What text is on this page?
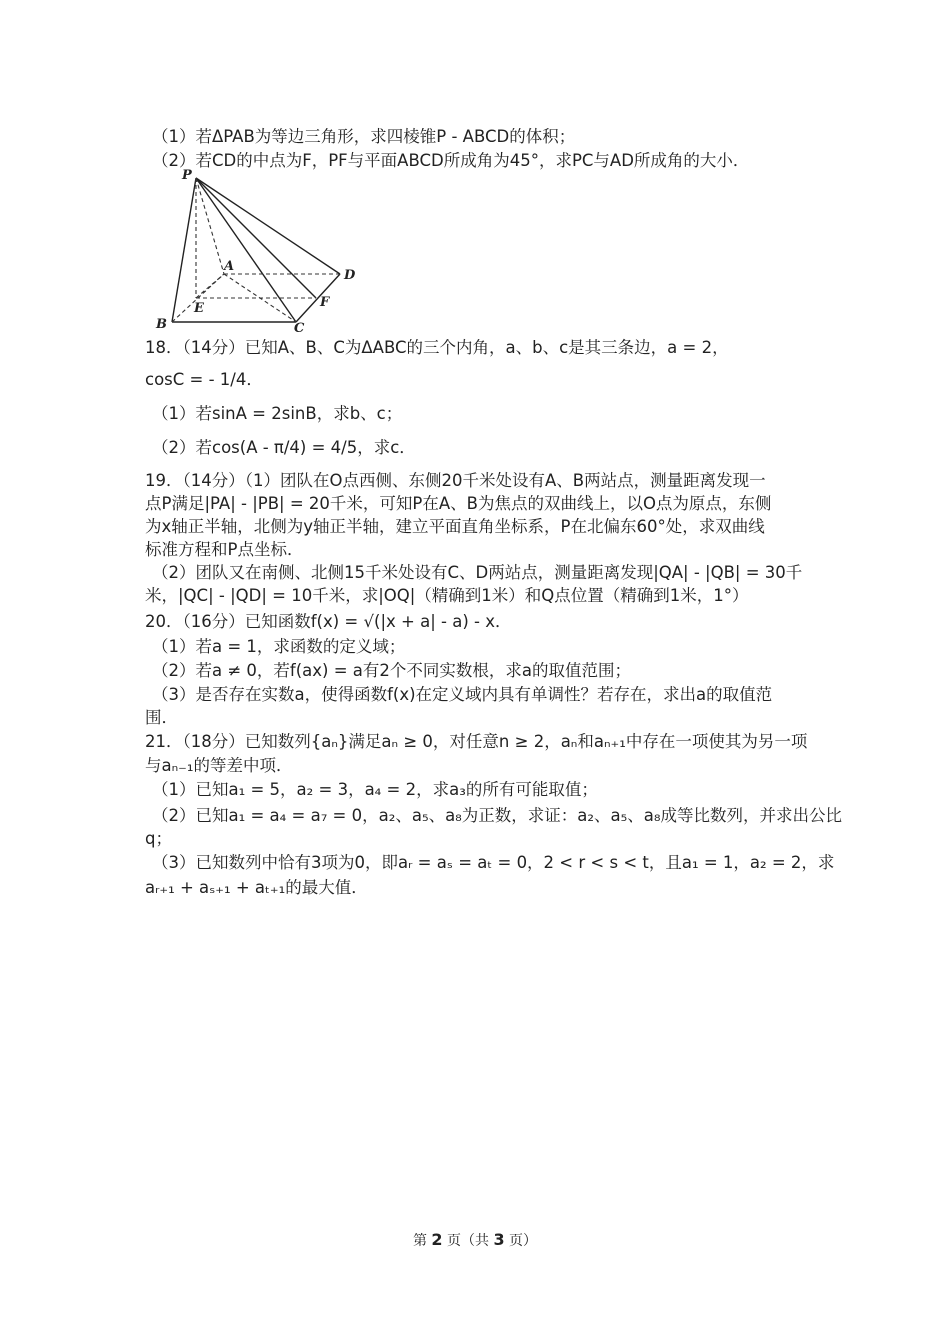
（1）若ΔPAB为等边三角形，求四棱锥P - ABCD的体积；
（2）若CD的中点为F，PF与平面ABCD所成角为45°，求PC与AD所成角的大小．
P
A
B	C
D
E	F
18．（14分）已知A、B、C为ΔABC的三个内角，a、b、c是其三条边，a = 2，
cosC = - 1/4．
（1）若sinA = 2sinB，求b、c；
（2）若cos(A - π/4) = 4/5，求c．
19．（14分）（1）团队在O点西侧、东侧20千米处设有A、B两站点，测量距离发现一
点P满足|PA| - |PB| = 20千米，可知P在A、B为焦点的双曲线上，以O点为原点，东侧
为x轴正半轴，北侧为y轴正半轴，建立平面直角坐标系，P在北偏东60°处，求双曲线
标准方程和P点坐标．
（2）团队又在南侧、北侧15千米处设有C、D两站点，测量距离发现|QA| - |QB| = 30千
米，|QC| - |QD| = 10千米，求|OQ|（精确到1米）和Q点位置（精确到1米，1°）
20．（16分）已知函数f(x) = √(|x + a| - a) - x．
（1）若a = 1，求函数的定义域；
（2）若a ≠ 0，若f(ax) = a有2个不同实数根，求a的取值范围；
（3）是否存在实数a，使得函数f(x)在定义域内具有单调性？若存在，求出a的取值范
围．
21．（18分）已知数列{aₙ}满足aₙ ≥ 0，对任意n ≥ 2，aₙ和aₙ₊₁中存在一项使其为另一项
与aₙ₋₁的等差中项．
（1）已知a₁ = 5，a₂ = 3，a₄ = 2，求a₃的所有可能取值；
（2）已知a₁ = a₄ = a₇ = 0，a₂、a₅、a₈为正数，求证：a₂、a₅、a₈成等比数列，并求出公比
q；
（3）已知数列中恰有3项为0，即aᵣ = aₛ = aₜ = 0，2 < r < s < t，且a₁ = 1，a₂ = 2，求
aᵣ₊₁ + aₛ₊₁ + aₜ₊₁的最大值．
第 2 页（共 3 页）
